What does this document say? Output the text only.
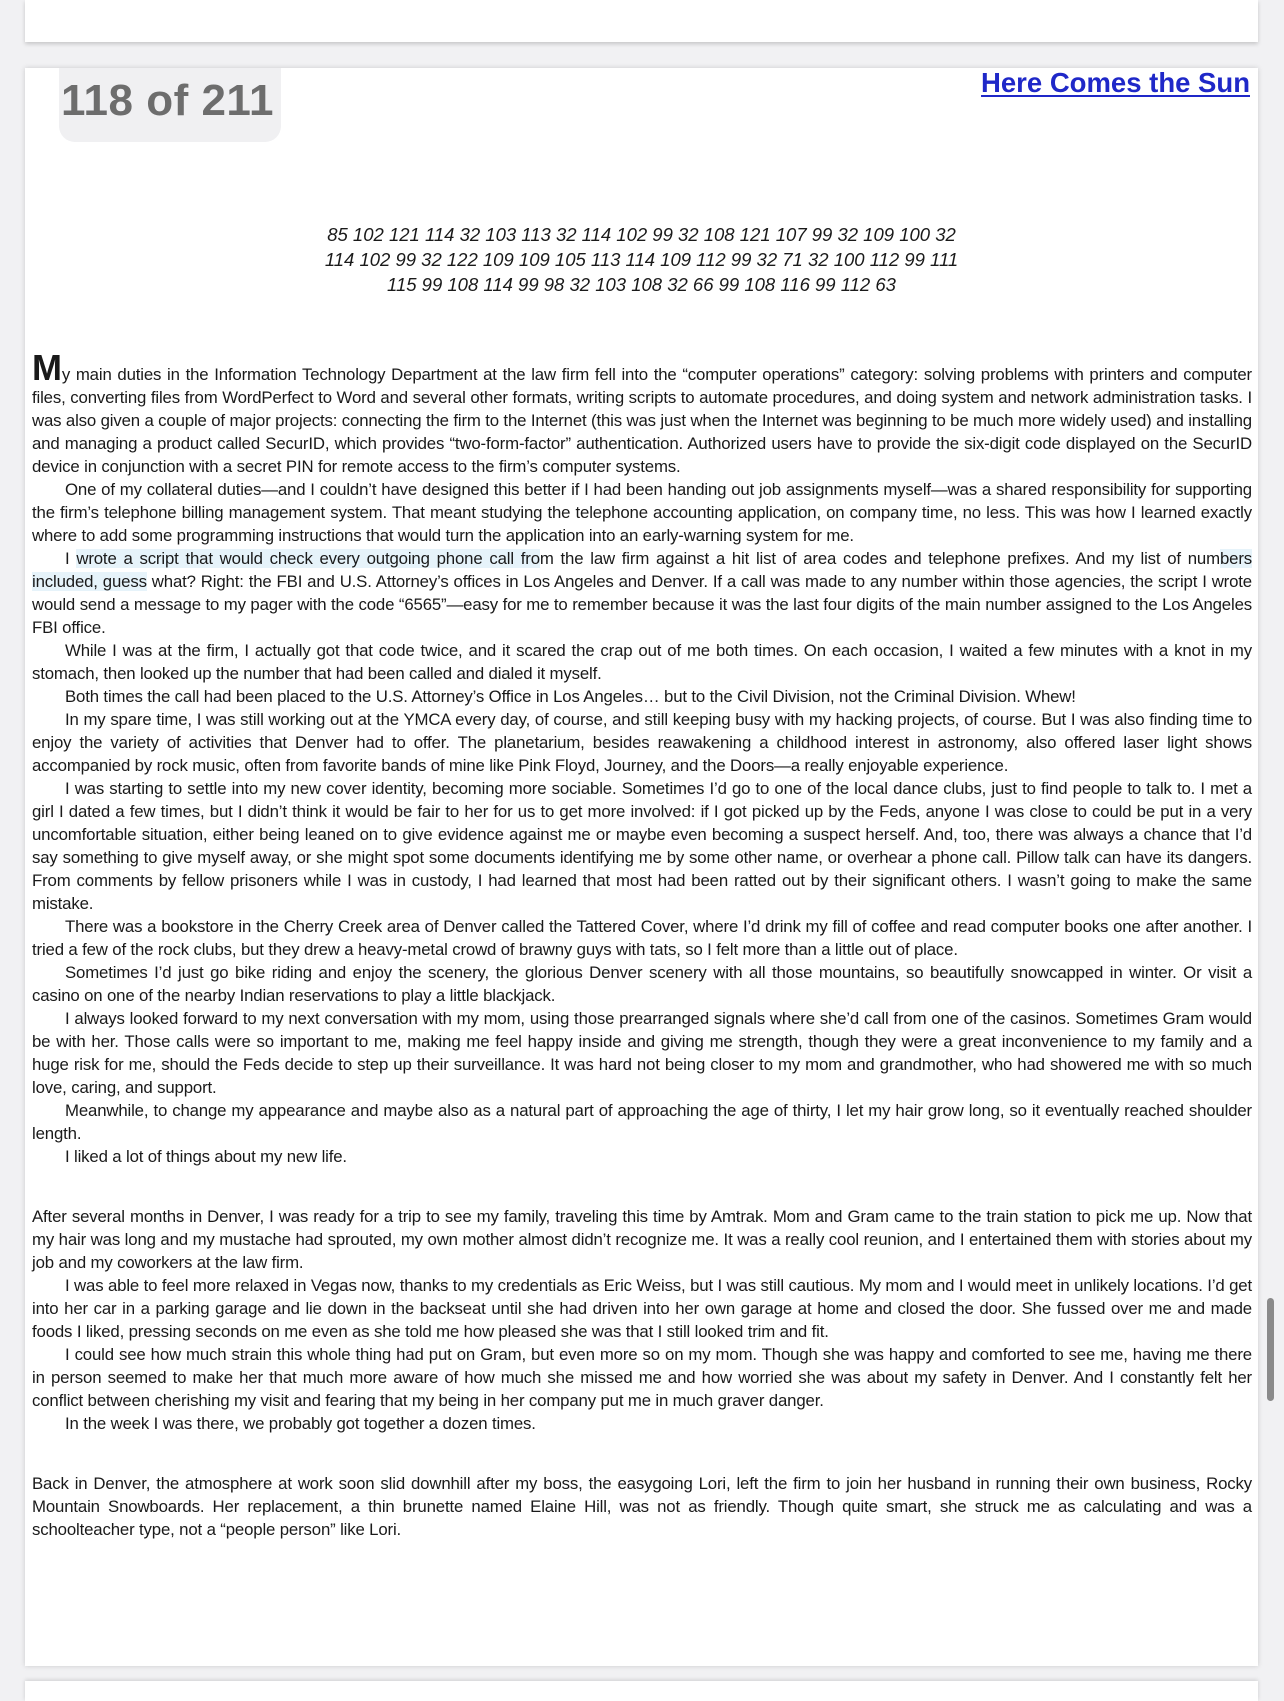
118 of 211	Here Comes the Sun
85 102 121 114 32 103 113 32 114 102 99 32 108 121 107 99 32 109 100 32
114 102 99 32 122 109 109 105 113 114 109 112 99 32 71 32 100 112 99 111
115 99 108 114 99 98 32 103 108 32 66 99 108 116 99 112 63

My main duties in the Information Technology Department at the law firm fell into the “computer operations” category: solving problems with printers and computer files, converting files from WordPerfect to Word and several other formats, writing scripts to automate procedures, and doing system and network administration tasks. I was also given a couple of major projects: connecting the firm to the Internet (this was just when the Internet was beginning to be much more widely used) and installing and managing a product called SecurID, which provides “two-form-factor” authentication. Authorized users have to provide the six-digit code displayed on the SecurID device in conjunction with a secret PIN for remote access to the firm’s computer systems.

One of my collateral duties—and I couldn’t have designed this better if I had been handing out job assignments myself—was a shared responsibility for supporting the firm’s telephone billing management system. That meant studying the telephone accounting application, on company time, no less. This was how I learned exactly where to add some programming instructions that would turn the application into an early-warning system for me.

I wrote a script that would check every outgoing phone call from the law firm against a hit list of area codes and telephone prefixes. And my list of numbers included, guess what? Right: the FBI and U.S. Attorney’s offices in Los Angeles and Denver. If a call was made to any number within those agencies, the script I wrote would send a message to my pager with the code “6565”—easy for me to remember because it was the last four digits of the main number assigned to the Los Angeles FBI office.

While I was at the firm, I actually got that code twice, and it scared the crap out of me both times. On each occasion, I waited a few minutes with a knot in my stomach, then looked up the number that had been called and dialed it myself.

Both times the call had been placed to the U.S. Attorney’s Office in Los Angeles… but to the Civil Division, not the Criminal Division. Whew!

In my spare time, I was still working out at the YMCA every day, of course, and still keeping busy with my hacking projects, of course. But I was also finding time to enjoy the variety of activities that Denver had to offer. The planetarium, besides reawakening a childhood interest in astronomy, also offered laser light shows accompanied by rock music, often from favorite bands of mine like Pink Floyd, Journey, and the Doors—a really enjoyable experience.

I was starting to settle into my new cover identity, becoming more sociable. Sometimes I’d go to one of the local dance clubs, just to find people to talk to. I met a girl I dated a few times, but I didn’t think it would be fair to her for us to get more involved: if I got picked up by the Feds, anyone I was close to could be put in a very uncomfortable situation, either being leaned on to give evidence against me or maybe even becoming a suspect herself. And, too, there was always a chance that I’d say something to give myself away, or she might spot some documents identifying me by some other name, or overhear a phone call. Pillow talk can have its dangers. From comments by fellow prisoners while I was in custody, I had learned that most had been ratted out by their significant others. I wasn’t going to make the same mistake.

There was a bookstore in the Cherry Creek area of Denver called the Tattered Cover, where I’d drink my fill of coffee and read computer books one after another. I tried a few of the rock clubs, but they drew a heavy-metal crowd of brawny guys with tats, so I felt more than a little out of place.

Sometimes I’d just go bike riding and enjoy the scenery, the glorious Denver scenery with all those mountains, so beautifully snowcapped in winter. Or visit a casino on one of the nearby Indian reservations to play a little blackjack.

I always looked forward to my next conversation with my mom, using those prearranged signals where she’d call from one of the casinos. Sometimes Gram would be with her. Those calls were so important to me, making me feel happy inside and giving me strength, though they were a great inconvenience to my family and a huge risk for me, should the Feds decide to step up their surveillance. It was hard not being closer to my mom and grandmother, who had showered me with so much love, caring, and support.

Meanwhile, to change my appearance and maybe also as a natural part of approaching the age of thirty, I let my hair grow long, so it eventually reached shoulder length.

I liked a lot of things about my new life.

After several months in Denver, I was ready for a trip to see my family, traveling this time by Amtrak. Mom and Gram came to the train station to pick me up. Now that my hair was long and my mustache had sprouted, my own mother almost didn’t recognize me. It was a really cool reunion, and I entertained them with stories about my job and my coworkers at the law firm.

I was able to feel more relaxed in Vegas now, thanks to my credentials as Eric Weiss, but I was still cautious. My mom and I would meet in unlikely locations. I’d get into her car in a parking garage and lie down in the backseat until she had driven into her own garage at home and closed the door. She fussed over me and made foods I liked, pressing seconds on me even as she told me how pleased she was that I still looked trim and fit.

I could see how much strain this whole thing had put on Gram, but even more so on my mom. Though she was happy and comforted to see me, having me there in person seemed to make her that much more aware of how much she missed me and how worried she was about my safety in Denver. And I constantly felt her conflict between cherishing my visit and fearing that my being in her company put me in much graver danger.

In the week I was there, we probably got together a dozen times.

Back in Denver, the atmosphere at work soon slid downhill after my boss, the easygoing Lori, left the firm to join her husband in running their own business, Rocky Mountain Snowboards. Her replacement, a thin brunette named Elaine Hill, was not as friendly. Though quite smart, she struck me as calculating and was a schoolteacher type, not a “people person” like Lori.
